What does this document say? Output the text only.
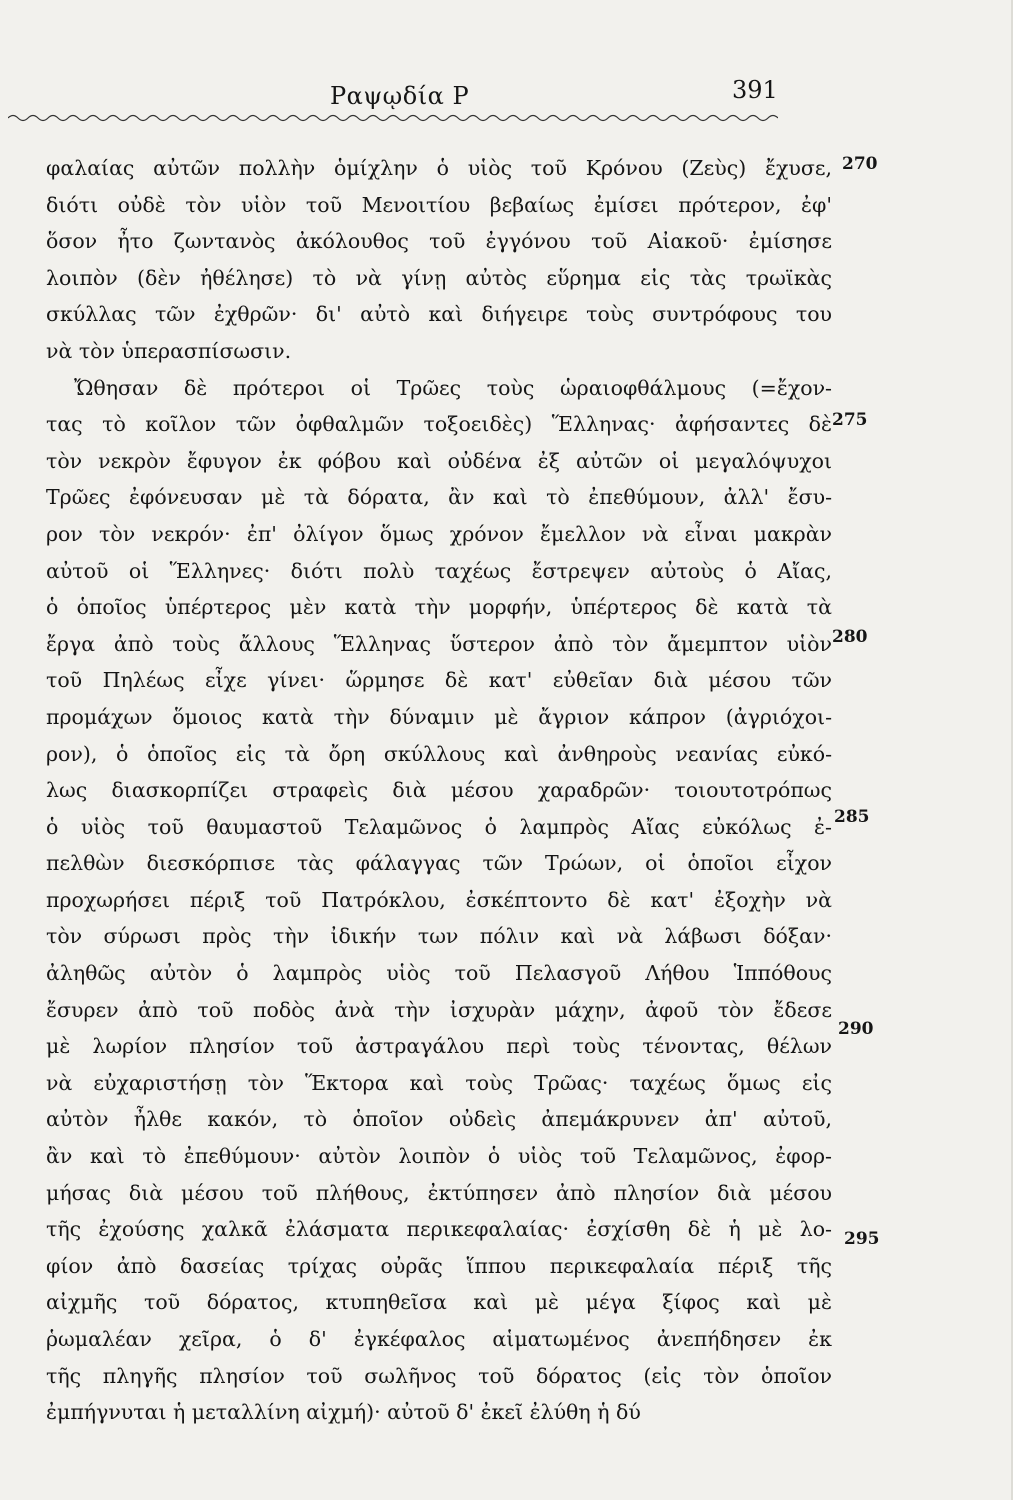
Ραψῳδία Ρ	391
φαλαίας αὐτῶν πολλὴν ὁμίχλην ὁ υἱὸς τοῦ Κρόνου (Ζεὺς) ἔχυσε,
διότι οὐδὲ τὸν υἱὸν τοῦ Μενοιτίου βεβαίως ἐμίσει πρότερον, ἐφ'
ὅσον ἦτο ζωντανὸς ἀκόλουθος τοῦ ἐγγόνου τοῦ Αἰακοῦ· ἐμίσησε
λοιπὸν (δὲν ἠθέλησε) τὸ νὰ γίνῃ αὐτὸς εὕρημα εἰς τὰς τρωϊκὰς
σκύλλας τῶν ἐχθρῶν· δι' αὐτὸ καὶ διήγειρε τοὺς συντρόφους του
νὰ τὸν ὑπερασπίσωσιν.
Ὤθησαν δὲ πρότεροι οἱ Τρῶες τοὺς ὡραιοφθάλμους (=ἔχον-
τας τὸ κοῖλον τῶν ὀφθαλμῶν τοξοειδὲς) Ἕλληνας· ἀφήσαντες δὲ
τὸν νεκρὸν ἔφυγον ἐκ φόβου καὶ οὐδένα ἐξ αὐτῶν οἱ μεγαλόψυχοι
Τρῶες ἐφόνευσαν μὲ τὰ δόρατα, ἂν καὶ τὸ ἐπεθύμουν, ἀλλ' ἔσυ-
ρον τὸν νεκρόν· ἐπ' ὀλίγον ὅμως χρόνον ἔμελλον νὰ εἶναι μακρὰν
αὐτοῦ οἱ Ἕλληνες· διότι πολὺ ταχέως ἔστρεψεν αὐτοὺς ὁ Αἴας,
ὁ ὁποῖος ὑπέρτερος μὲν κατὰ τὴν μορφήν, ὑπέρτερος δὲ κατὰ τὰ
ἔργα ἀπὸ τοὺς ἄλλους Ἕλληνας ὕστερον ἀπὸ τὸν ἄμεμπτον υἱὸν
τοῦ Πηλέως εἶχε γίνει· ὥρμησε δὲ κατ' εὐθεῖαν διὰ μέσου τῶν
προμάχων ὅμοιος κατὰ τὴν δύναμιν μὲ ἄγριον κάπρον (ἀγριόχοι-
ρον), ὁ ὁποῖος εἰς τὰ ὄρη σκύλλους καὶ ἀνθηροὺς νεανίας εὐκό-
λως διασκορπίζει στραφεὶς διὰ μέσου χαραδρῶν· τοιουτοτρόπως
ὁ υἱὸς τοῦ θαυμαστοῦ Τελαμῶνος ὁ λαμπρὸς Αἴας εὐκόλως ἐ-
πελθὼν διεσκόρπισε τὰς φάλαγγας τῶν Τρώων, οἱ ὁποῖοι εἶχον
προχωρήσει πέριξ τοῦ Πατρόκλου, ἐσκέπτοντο δὲ κατ' ἐξοχὴν νὰ
τὸν σύρωσι πρὸς τὴν ἰδικήν των πόλιν καὶ νὰ λάβωσι δόξαν·
ἀληθῶς αὐτὸν ὁ λαμπρὸς υἱὸς τοῦ Πελασγοῦ Λήθου Ἱππόθους
ἔσυρεν ἀπὸ τοῦ ποδὸς ἀνὰ τὴν ἰσχυρὰν μάχην, ἀφοῦ τὸν ἔδεσε
μὲ λωρίον πλησίον τοῦ ἀστραγάλου περὶ τοὺς τένοντας, θέλων
νὰ εὐχαριστήσῃ τὸν Ἕκτορα καὶ τοὺς Τρῶας· ταχέως ὅμως εἰς
αὐτὸν ἦλθε κακόν, τὸ ὁποῖον οὐδεὶς ἀπεμάκρυνεν ἀπ' αὐτοῦ,
ἂν καὶ τὸ ἐπεθύμουν· αὐτὸν λοιπὸν ὁ υἱὸς τοῦ Τελαμῶνος, ἐφορ-
μήσας διὰ μέσου τοῦ πλήθους, ἐκτύπησεν ἀπὸ πλησίον διὰ μέσου
τῆς ἐχούσης χαλκᾶ ἐλάσματα περικεφαλαίας· ἐσχίσθη δὲ ἡ μὲ λο-
φίον ἀπὸ δασείας τρίχας οὐρᾶς ἵππου περικεφαλαία πέριξ τῆς
αἰχμῆς τοῦ δόρατος, κτυπηθεῖσα καὶ μὲ μέγα ξίφος καὶ μὲ
ῥωμαλέαν χεῖρα, ὁ δ' ἐγκέφαλος αἱματωμένος ἀνεπήδησεν ἐκ
τῆς πληγῆς πλησίον τοῦ σωλῆνος τοῦ δόρατος (εἰς τὸν ὁποῖον
ἐμπήγνυται ἡ μεταλλίνη αἰχμή)· αὐτοῦ δ' ἐκεῖ ἐλύθη ἡ δύ
270
275
280
285
290
295
